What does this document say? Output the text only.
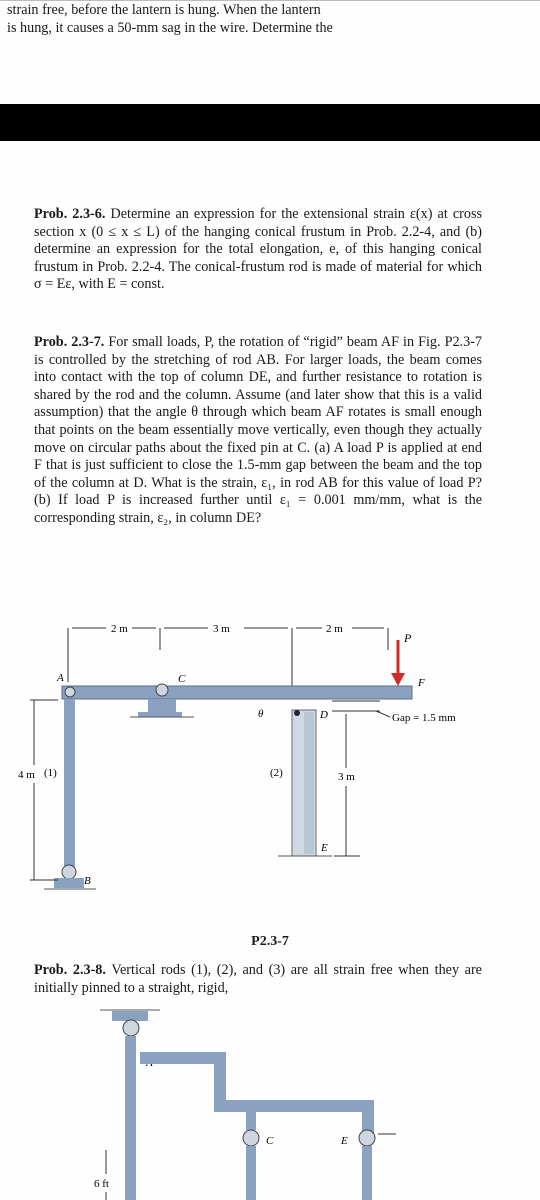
strain free, before the lantern is hung. When the lantern
is hung, it causes a 50-mm sag in the wire. Determine the

Prob. 2.3-6. Determine an expression for the extensional strain ε(x) at cross section x (0 ≤ x ≤ L) of the hanging conical frustum in Prob. 2.2-4, and (b) determine an expression for the total elongation, e, of this hanging conical frustum in Prob. 2.2-4. The conical-frustum rod is made of material for which σ = Eε, with E = const.

Prob. 2.3-7. For small loads, P, the rotation of “rigid” beam AF in Fig. P2.3-7 is controlled by the stretching of rod AB. For larger loads, the beam comes into contact with the top of column DE, and further resistance to rotation is shared by the rod and the column. Assume (and later show that this is a valid assumption) that the angle θ through which beam AF rotates is small enough that points on the beam essentially move vertically, even though they actually move on circular paths about the fixed pin at C. (a) A load P is applied at end F that is just sufficient to close the 1.5-mm gap between the beam and the top of the column at D. What is the strain, ε₁, in rod AB for this value of load P? (b) If load P is increased further until ε₁ = 0.001 mm/mm, what is the corresponding strain, ε₂, in column DE?

2 m	3 m	2 m
P
A	F
C
B
(1)
4 m
θ	D
E
(2)
Gap = 1.5 mm
3 m
P2.3-7

Prob. 2.3-8. Vertical rods (1), (2), and (3) are all strain free when they are initially pinned to a straight, rigid,

C	E
6 ft
